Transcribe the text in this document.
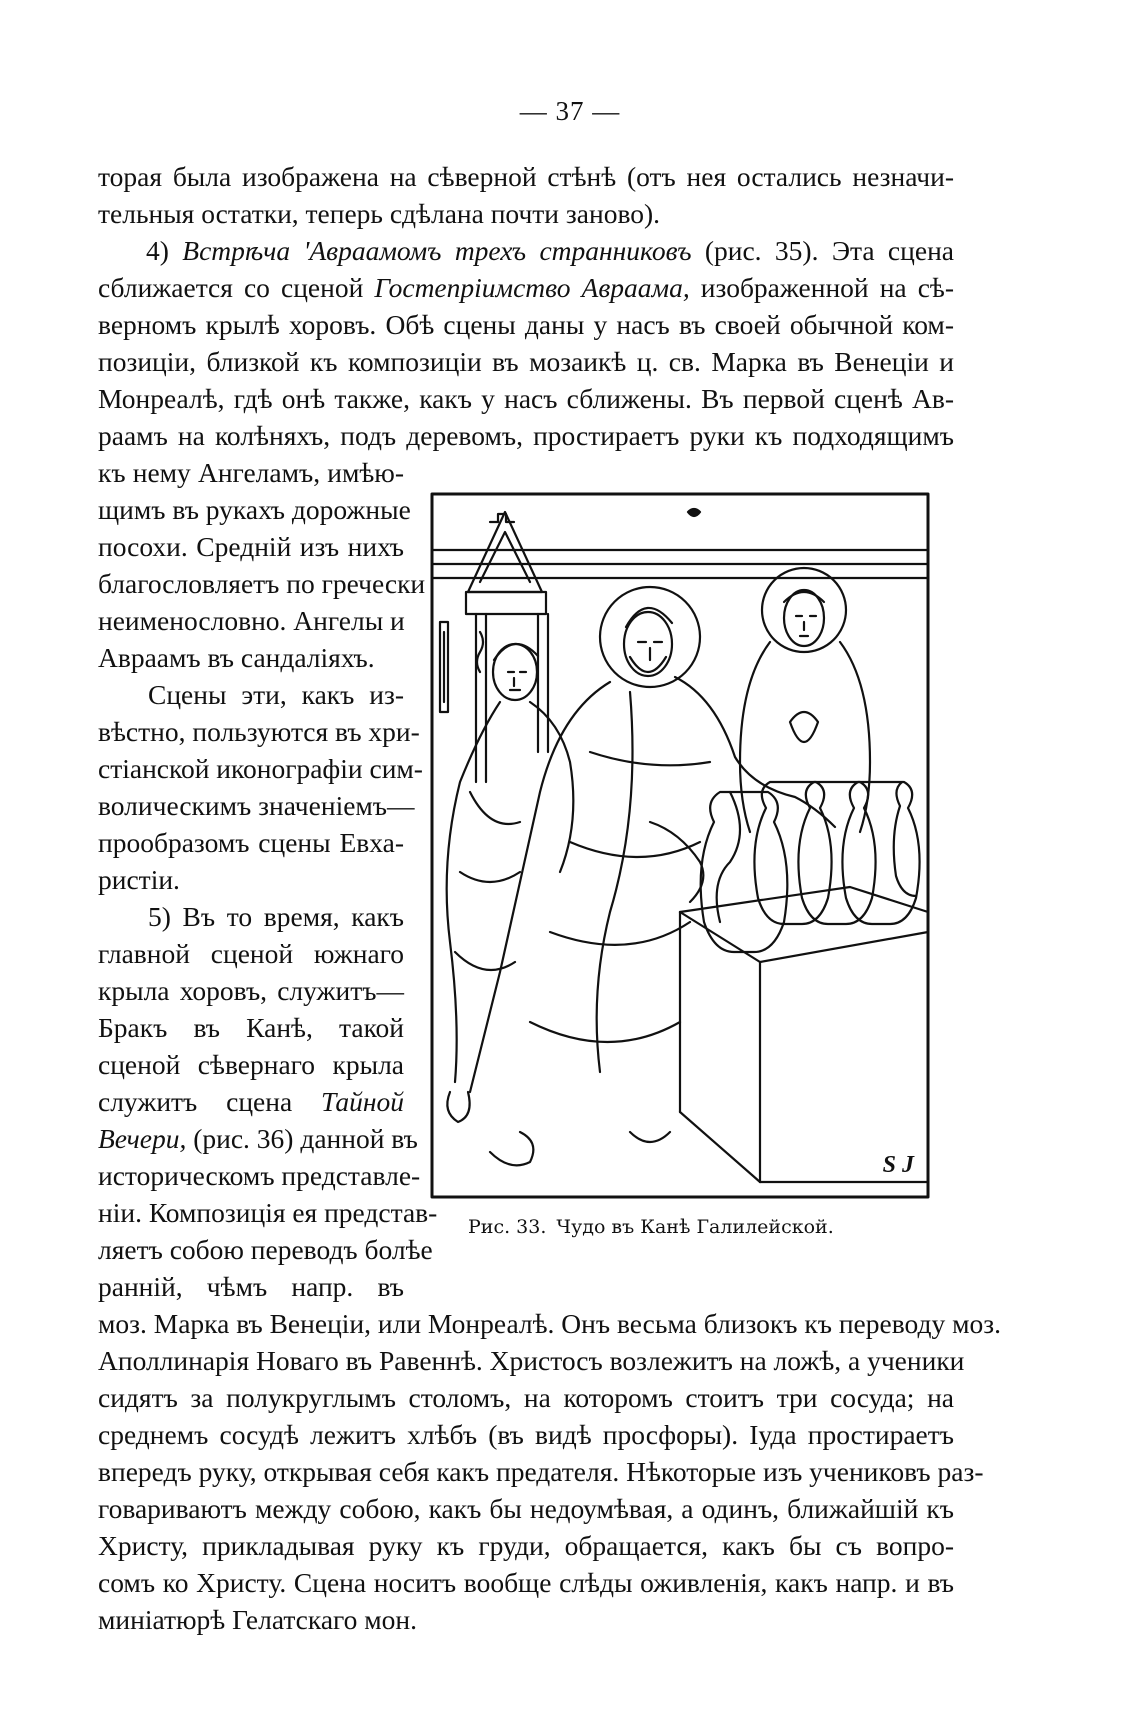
— 37 —
торая была изображена на сѣверной стѣнѣ (отъ нея остались незначи-
тельныя остатки, теперь сдѣлана почти заново).
4) Встрѣча 'Авраамомъ трехъ странниковъ (рис. 35). Эта сцена
сближается со сценой Гостепріимство Авраама, изображенной на сѣ-
верномъ крылѣ хоровъ. Обѣ сцены даны у насъ въ своей обычной ком-
позиціи, близкой къ композиціи въ мозаикѣ ц. св. Марка въ Венеціи и
Монреалѣ, гдѣ онѣ также, какъ у насъ сближены. Въ первой сценѣ Ав-
раамъ на колѣняхъ, подъ деревомъ, простираетъ руки къ подходящимъ
къ нему Ангеламъ, имѣю-
щимъ въ рукахъ дорожные
посохи. Средній изъ нихъ
благословляетъ по гречески
неименословно. Ангелы и
Авраамъ въ сандаліяхъ.
Сцены эти, какъ из-
вѣстно, пользуются въ хри-
стіанской иконографіи сим-
волическимъ значеніемъ—
прообразомъ сцены Евха-
ристіи.
5) Въ то время, какъ
главной сценой южнаго
крыла хоровъ, служитъ—
Бракъ въ Канѣ, такой
сценой сѣвернаго крыла
служитъ сцена Тайной
Вечери, (рис. 36) данной въ
историческомъ представле-
ніи. Композиція ея представ-
ляетъ собою переводъ болѣе
ранній, чѣмъ напр. въ
моз. Марка въ Венеціи, или Монреалѣ. Онъ весьма близокъ къ переводу моз.
Аполлинарія Новаго въ Равеннѣ. Христосъ возлежитъ на ложѣ, а ученики
сидятъ за полукруглымъ столомъ, на которомъ стоитъ три сосуда; на
среднемъ сосудѣ лежитъ хлѣбъ (въ видѣ просфоры). Іуда простираетъ
впередъ руку, открывая себя какъ предателя. Нѣкоторые изъ учениковъ раз-
говариваютъ между собою, какъ бы недоумѣвая, а одинъ, ближайшій къ
Христу, прикладывая руку къ груди, обращается, какъ бы съ вопро-
сомъ ко Христу. Сцена носитъ вообще слѣды оживленія, какъ напр. и въ
миніатюрѣ Гелатскаго мон.
S J
Рис. 33. Чудо въ Канѣ Галилейской.
